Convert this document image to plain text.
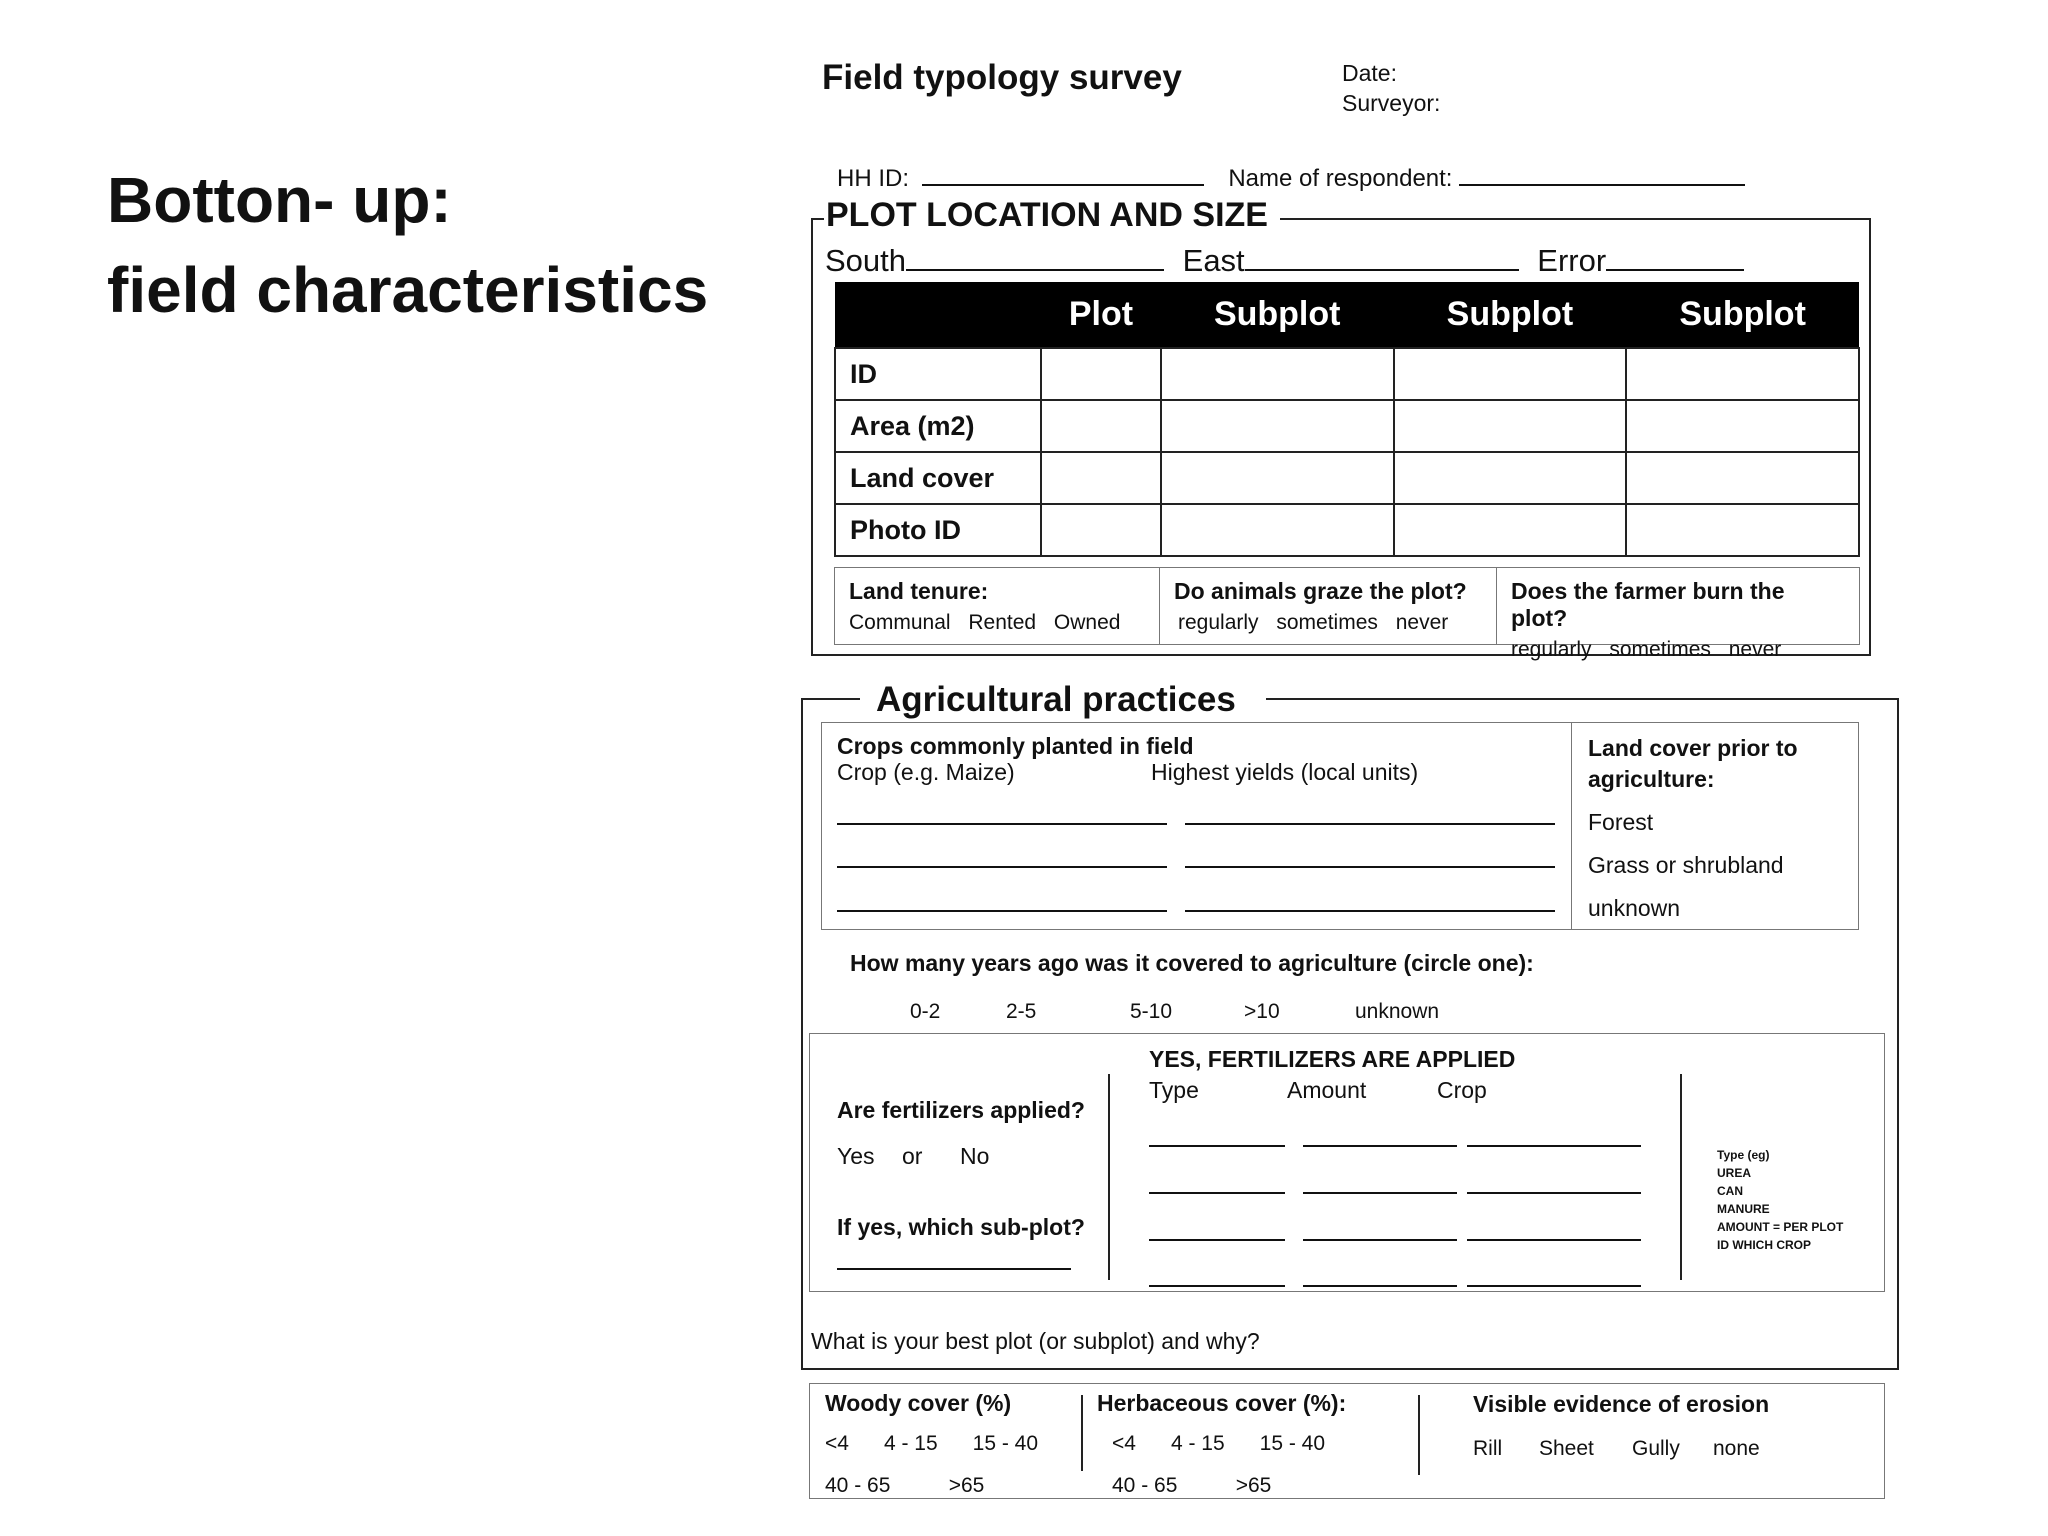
Botton- up:
field characteristics
Field typology survey	Date:
Surveyor:
HH ID:	Name of respondent:
PLOT LOCATION AND SIZE
South	East	Error
	Plot	Subplot	Subplot	Subplot
ID				
Area (m2)				
Land cover				
Photo ID				
Land tenure:
Communal Rented Owned
Do animals graze the plot?
regularly sometimes never
Does the farmer burn the plot?
regularly sometimes never
Agricultural practices
Crops commonly planted in field
Crop (e.g. Maize)	Highest yields (local units)
Land cover prior to
agriculture:
Forest
Grass or shrubland
unknown
How many years ago was it covered to agriculture (circle one):
0-2	2-5	5-10	>10	unknown
Are fertilizers applied?
Yes or No
If yes, which sub-plot?
YES, FERTILIZERS ARE APPLIED
Type	Amount	Crop
Type (eg)
UREA
CAN
MANURE
AMOUNT = PER PLOT
ID WHICH CROP
What is your best plot (or subplot) and why?
Woody cover (%)
<4      4 - 15      15 - 40
40 - 65          >65
Herbaceous cover (%):
<4      4 - 15      15 - 40
40 - 65          >65
Visible evidence of erosion
Rill Sheet Gully none
